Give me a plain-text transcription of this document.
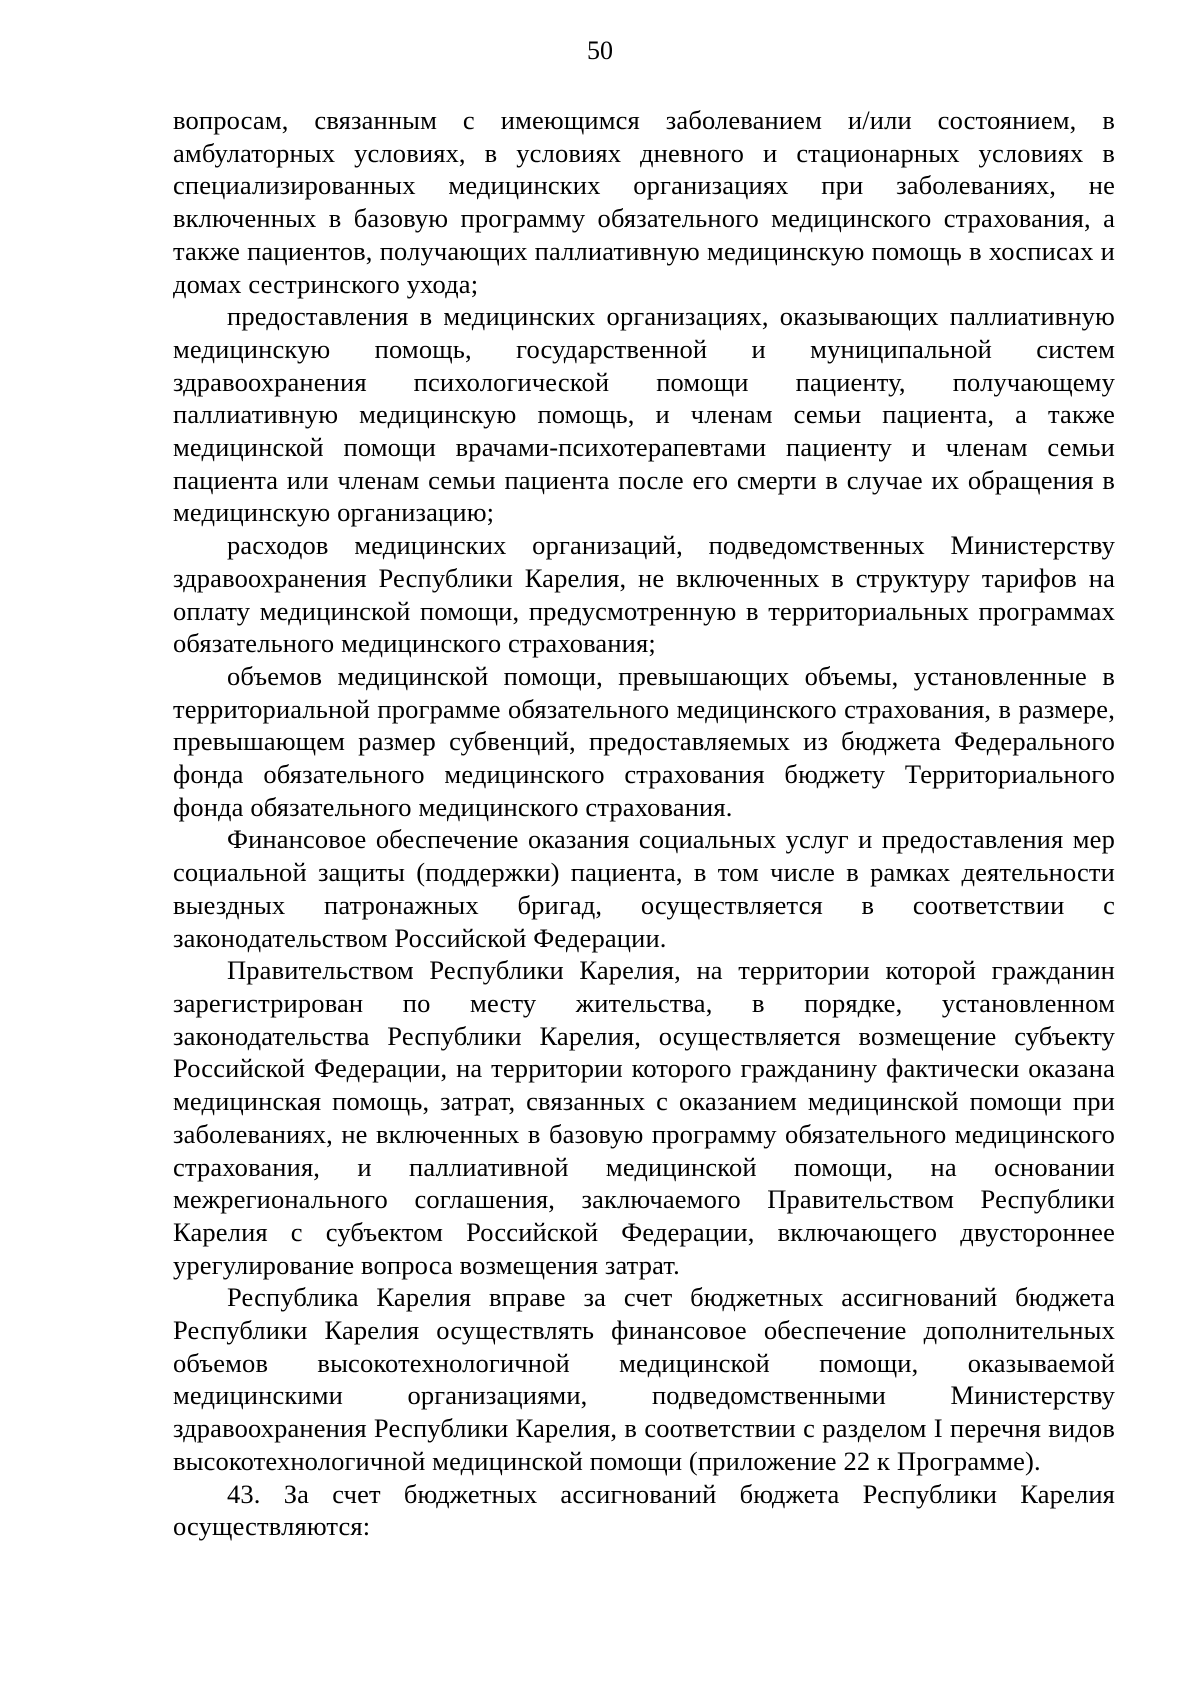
50

вопросам, связанным с имеющимся заболеванием и/или состоянием, в амбулаторных условиях, в условиях дневного и стационарных условиях в специализированных медицинских организациях при заболеваниях, не включенных в базовую программу обязательного медицинского страхования, а также пациентов, получающих паллиативную медицинскую помощь в хосписах и домах сестринского ухода;

предоставления в медицинских организациях, оказывающих паллиативную медицинскую помощь, государственной и муниципальной систем здравоохранения психологической помощи пациенту, получающему паллиативную медицинскую помощь, и членам семьи пациента, а также медицинской помощи врачами-психотерапевтами пациенту и членам семьи пациента или членам семьи пациента после его смерти в случае их обращения в медицинскую организацию;

расходов медицинских организаций, подведомственных Министерству здравоохранения Республики Карелия, не включенных в структуру тарифов на оплату медицинской помощи, предусмотренную в территориальных программах обязательного медицинского страхования;

объемов медицинской помощи, превышающих объемы, установленные в территориальной программе обязательного медицинского страхования, в размере, превышающем размер субвенций, предоставляемых из бюджета Федерального фонда обязательного медицинского страхования бюджету Территориального фонда обязательного медицинского страхования.

Финансовое обеспечение оказания социальных услуг и предоставления мер социальной защиты (поддержки) пациента, в том числе в рамках деятельности выездных патронажных бригад, осуществляется в соответствии с законодательством Российской Федерации.

Правительством Республики Карелия, на территории которой гражданин зарегистрирован по месту жительства, в порядке, установленном законодательства Республики Карелия, осуществляется возмещение субъекту Российской Федерации, на территории которого гражданину фактически оказана медицинская помощь, затрат, связанных с оказанием медицинской помощи при заболеваниях, не включенных в базовую программу обязательного медицинского страхования, и паллиативной медицинской помощи, на основании межрегионального соглашения, заключаемого Правительством Республики Карелия с субъектом Российской Федерации, включающего двустороннее урегулирование вопроса возмещения затрат.

Республика Карелия вправе за счет бюджетных ассигнований бюджета Республики Карелия осуществлять финансовое обеспечение дополнительных объемов высокотехнологичной медицинской помощи, оказываемой медицинскими организациями, подведомственными Министерству здравоохранения Республики Карелия, в соответствии с разделом I перечня видов высокотехнологичной медицинской помощи (приложение 22 к Программе).

43. За счет бюджетных ассигнований бюджета Республики Карелия осуществляются:
